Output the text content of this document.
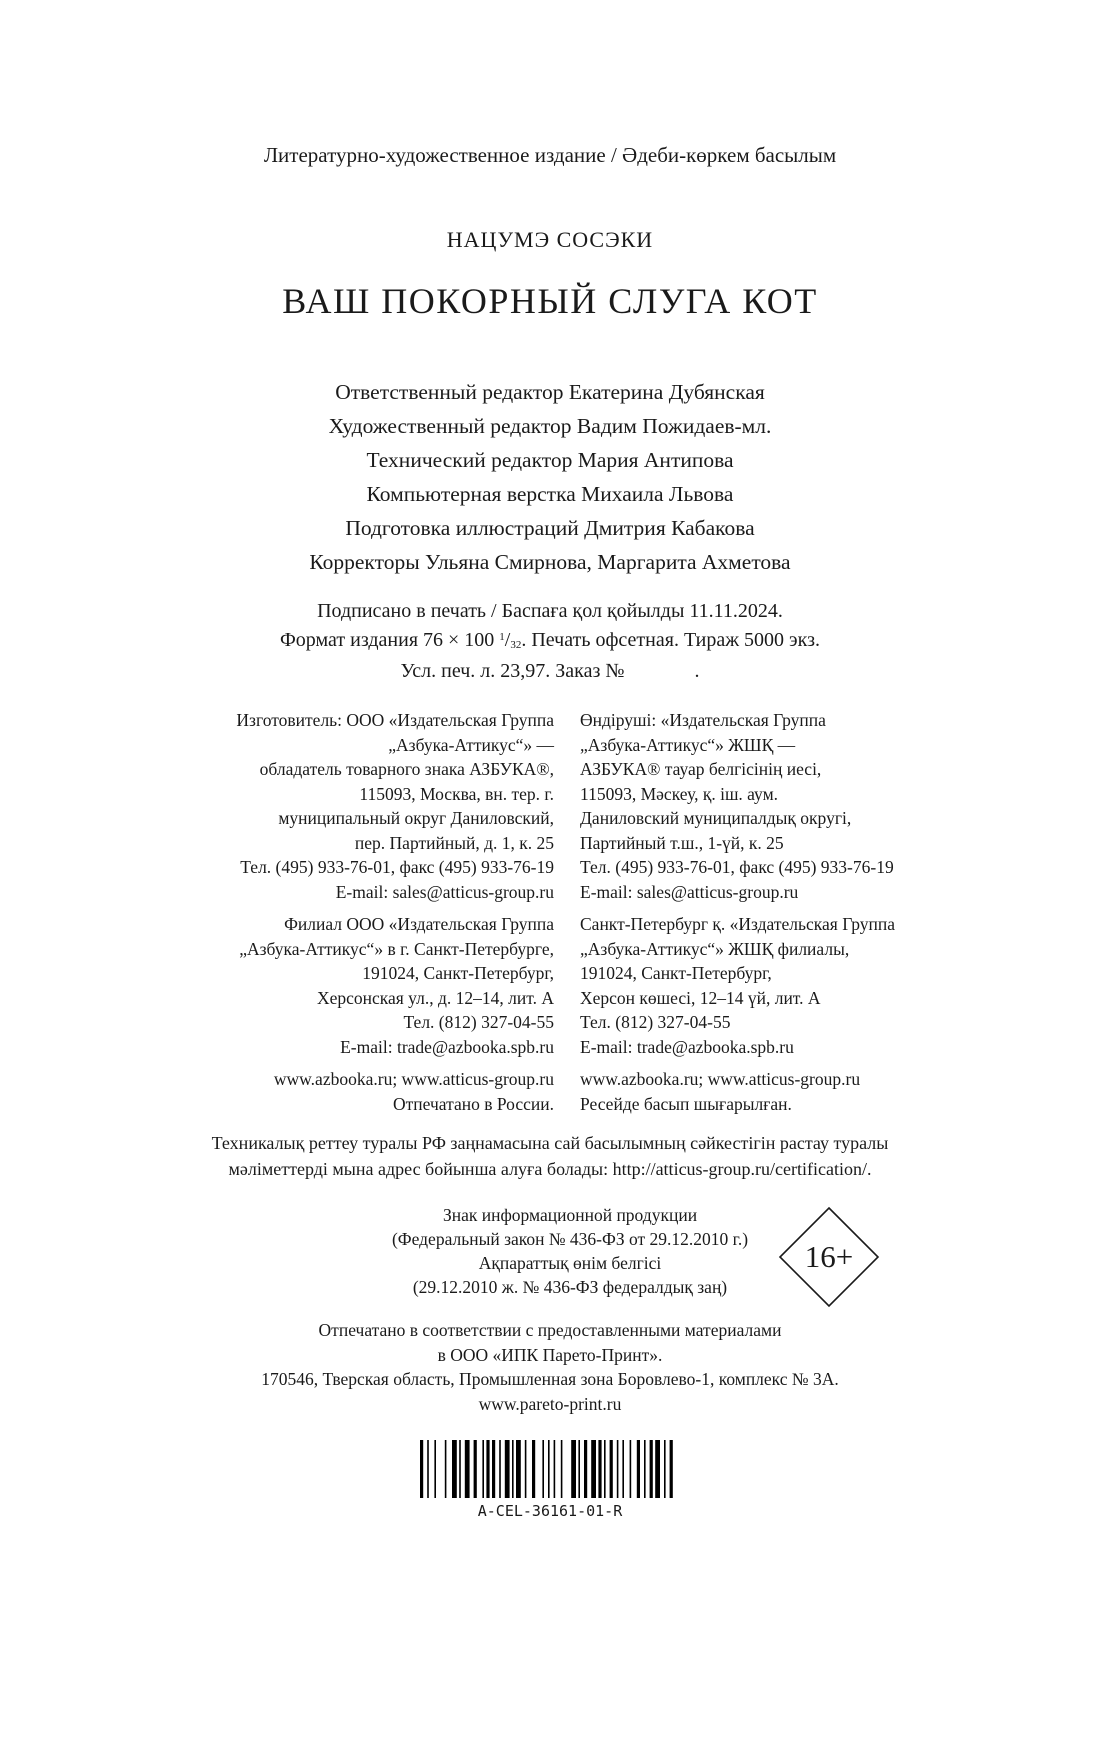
Литературно-художественное издание / Әдеби-көркем басылым
НАЦУМЭ СОСЭКИ
ВАШ ПОКОРНЫЙ СЛУГА КОТ
Ответственный редактор Екатерина Дубянская
Художественный редактор Вадим Пожидаев-мл.
Технический редактор Мария Антипова
Компьютерная верстка Михаила Львова
Подготовка иллюстраций Дмитрия Кабакова
Корректоры Ульяна Смирнова, Маргарита Ахметова
Подписано в печать / Баспаға қол қойылды 11.11.2024.
Формат издания 76 × 100 $^1/_{32}$. Печать офсетная. Тираж 5000 экз.
Усл. печ. л. 23,97. Заказ №              .
Изготовитель: ООО «Издательская Группа
„Азбука-Аттикус“» —
обладатель товарного знака АЗБУКА®,
115093, Москва, вн. тер. г.
муниципальный округ Даниловский,
пер. Партийный, д. 1, к. 25
Тел. (495) 933-76-01, факс (495) 933-76-19
E-mail: sales@atticus-group.ru
Филиал ООО «Издательская Группа
„Азбука-Аттикус“» в г. Санкт-Петербурге,
191024, Санкт-Петербург,
Херсонская ул., д. 12–14, лит. А
Тел. (812) 327-04-55
E-mail: trade@azbooka.spb.ru
www.azbooka.ru; www.atticus-group.ru
Отпечатано в России.
Өндіруші: «Издательская Группа
„Азбука-Аттикус“» ЖШҚ —
АЗБУКА® тауар белгісінің иесі,
115093, Мәскеу, қ. іш. аум.
Даниловский муниципалдық округі,
Партийный т.ш., 1-үй, к. 25
Тел. (495) 933-76-01, факс (495) 933-76-19
E-mail: sales@atticus-group.ru
Санкт-Петербург қ. «Издательская Группа
„Азбука-Аттикус“» ЖШҚ филиалы,
191024, Санкт-Петербург,
Херсон көшесі, 12–14 үй, лит. А
Тел. (812) 327-04-55
E-mail: trade@azbooka.spb.ru
www.azbooka.ru; www.atticus-group.ru
Ресейде басып шығарылған.
Техникалық реттеу туралы РФ заңнамасына сай басылымның сәйкестігін растау туралы
мәліметтерді мына адрес бойынша алуға болады: http://atticus-group.ru/certification/.
Знак информационной продукции
(Федеральный закон № 436-ФЗ от 29.12.2010 г.)
Ақпараттық өнім белгісі
(29.12.2010 ж. № 436-ФЗ федералдық заң)
16+
Отпечатано в соответствии с предоставленными материалами
в ООО «ИПК Парето-Принт».
170546, Тверская область, Промышленная зона Боровлево-1, комплекс № 3А.
www.pareto-print.ru
A-CEL-36161-01-R
